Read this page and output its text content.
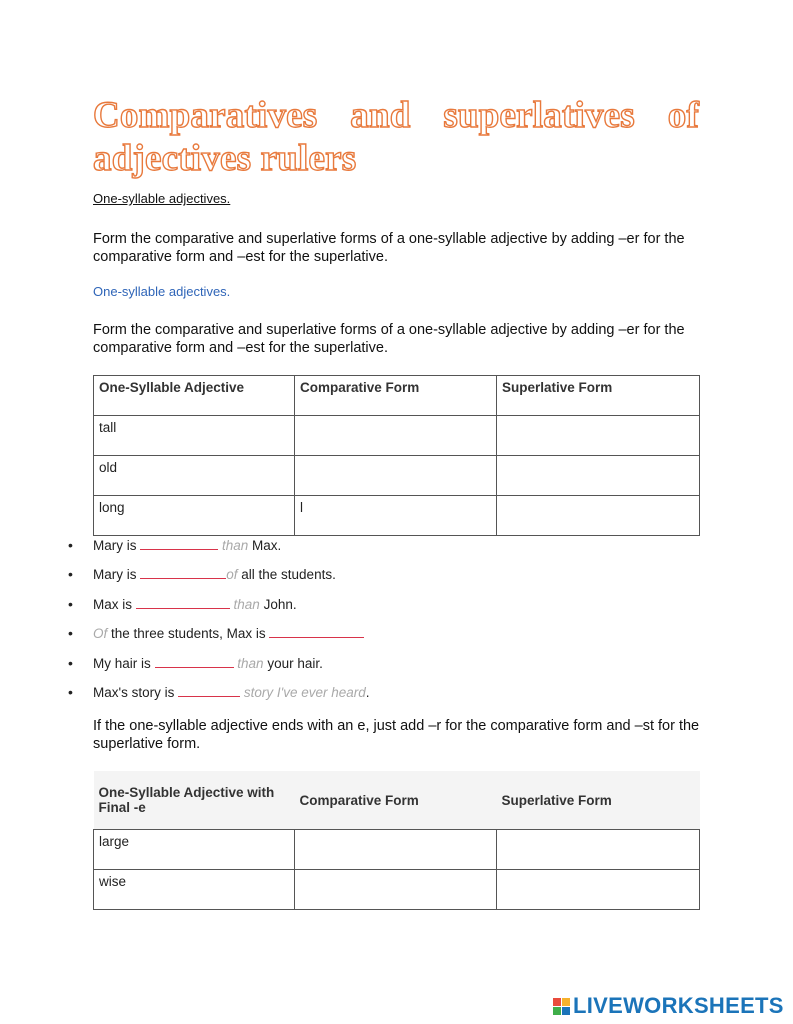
Comparatives and superlatives of adjectives rulers
One-syllable adjectives.
Form the comparative and superlative forms of a one-syllable adjective by adding –er for the comparative form and –est for the superlative.
One-syllable adjectives.
Form the comparative and superlative forms of a one-syllable adjective by adding –er for the comparative form and –est for the superlative.
One-Syllable Adjective	Comparative Form	Superlative Form
tall		
old		
long	l	
• Mary is	than Max.
• Mary is	of all the students.
• Max is	than John.
• Of the three students, Max is
• My hair is	than your hair.
• Max's story is	story I've ever heard.
If the one-syllable adjective ends with an e, just add –r for the comparative form and –st for the superlative form.
One-Syllable Adjective with Final -e	Comparative Form	Superlative Form
large		
wise		
LIVEWORKSHEETS
